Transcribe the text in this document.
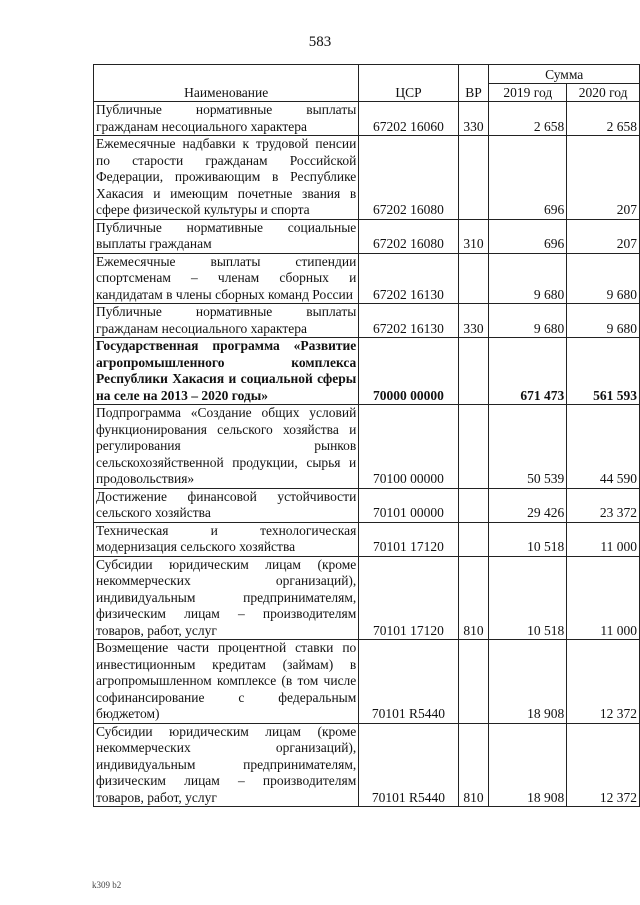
583
Наименование	ЦСР	ВР	Сумма	
			2019 год	2020 год
Публичные нормативные выплаты гражданам несоциального характера	67202 16060	330	2 658	2 658
Ежемесячные надбавки к трудовой пенсии по старости гражданам Российской Федерации, проживающим в Республике Хакасия и имеющим почетные звания в сфере физической культуры и спорта	67202 16080		696	207
Публичные нормативные социальные выплаты гражданам	67202 16080	310	696	207
Ежемесячные выплаты стипендии спортсменам – членам сборных и кандидатам в члены сборных команд России	67202 16130		9 680	9 680
Публичные нормативные выплаты гражданам несоциального характера	67202 16130	330	9 680	9 680
Государственная программа «Развитие агропромышленного комплекса Республики Хакасия и социальной сферы на селе на 2013 – 2020 годы»	70000 00000		671 473	561 593
Подпрограмма «Создание общих условий функционирования сельского хозяйства и регулирования рынков сельскохозяйственной продукции, сырья и продовольствия»	70100 00000		50 539	44 590
Достижение финансовой устойчивости сельского хозяйства	70101 00000		29 426	23 372
Техническая и технологическая модернизация сельского хозяйства	70101 17120		10 518	11 000
Субсидии юридическим лицам (кроме некоммерческих организаций), индивидуальным предпринимателям, физическим лицам – производителям товаров, работ, услуг	70101 17120	810	10 518	11 000
Возмещение части процентной ставки по инвестиционным кредитам (займам) в агропромышленном комплексе (в том числе софинансирование с федеральным бюджетом)	70101 R5440		18 908	12 372
Субсидии юридическим лицам (кроме некоммерческих организаций), индивидуальным предпринимателям, физическим лицам – производителям товаров, работ, услуг	70101 R5440	810	18 908	12 372
k309 b2
